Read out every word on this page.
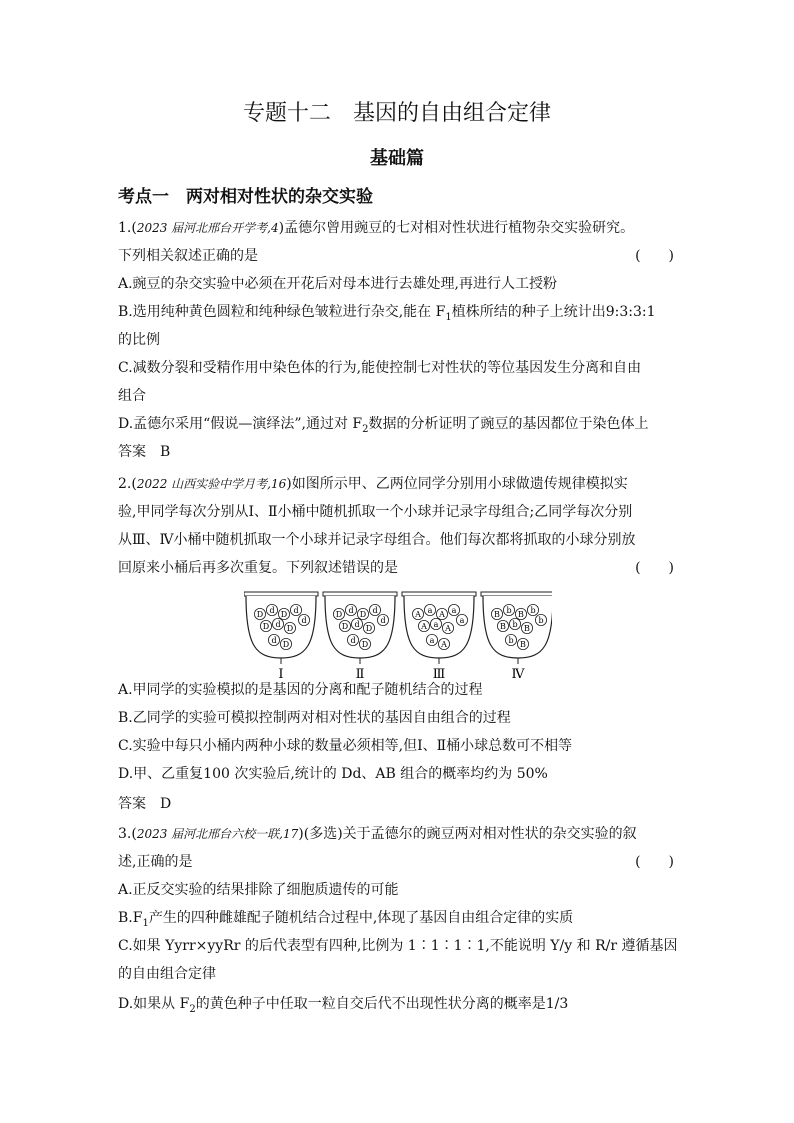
专题十二　基因的自由组合定律
基础篇
考点一　两对相对性状的杂交实验
1.(2023 届河北邢台开学考,4)孟德尔曾用豌豆的七对相对性状进行植物杂交实验研究。
下列相关叙述正确的是	(　　)
A.豌豆的杂交实验中必须在开花后对母本进行去雄处理,再进行人工授粉
B.选用纯种黄色圆粒和纯种绿色皱粒进行杂交,能在 $F_1$植株所结的种子上统计出9:3:3:1
的比例
C.减数分裂和受精作用中染色体的行为,能使控制七对性状的等位基因发生分离和自由
组合
D.孟德尔采用“假说—演绎法”,通过对 $F_2$数据的分析证明了豌豆的基因都位于染色体上
答案　B
2.(2022 山西实验中学月考,16)如图所示甲、乙两位同学分别用小球做遗传规律模拟实
验,甲同学每次分别从Ⅰ、Ⅱ小桶中随机抓取一个小球并记录字母组合;乙同学每次分别
从Ⅲ、Ⅳ小桶中随机抓取一个小球并记录字母组合。他们每次都将抓取的小球分别放
回原来小桶后再多次重复。下列叙述错误的是	(　　)
D d D d
d
D d D
d D
Ⅰ
D d D d
d
D d D
d D
Ⅱ
A a A a
a
A a A
a A
Ⅲ
B b B b
b
B b B
b B
Ⅳ
A.甲同学的实验模拟的是基因的分离和配子随机结合的过程
B.乙同学的实验可模拟控制两对相对性状的基因自由组合的过程
C.实验中每只小桶内两种小球的数量必须相等,但Ⅰ、Ⅱ桶小球总数可不相等
D.甲、乙重复100 次实验后,统计的 Dd、AB 组合的概率均约为 50%
答案　D
3.(2023 届河北邢台六校一联,17)(多选)关于孟德尔的豌豆两对相对性状的杂交实验的叙
述,正确的是	(　　)
A.正反交实验的结果排除了细胞质遗传的可能
$B.F_1$产生的四种雌雄配子随机结合过程中,体现了基因自由组合定律的实质
C.如果 Yyrr×yyRr 的后代表型有四种,比例为 1∶1∶1∶1,不能说明 Y/y 和 R/r 遵循基因
的自由组合定律
D.如果从 $F_2$的黄色种子中任取一粒自交后代不出现性状分离的概率是1/3
